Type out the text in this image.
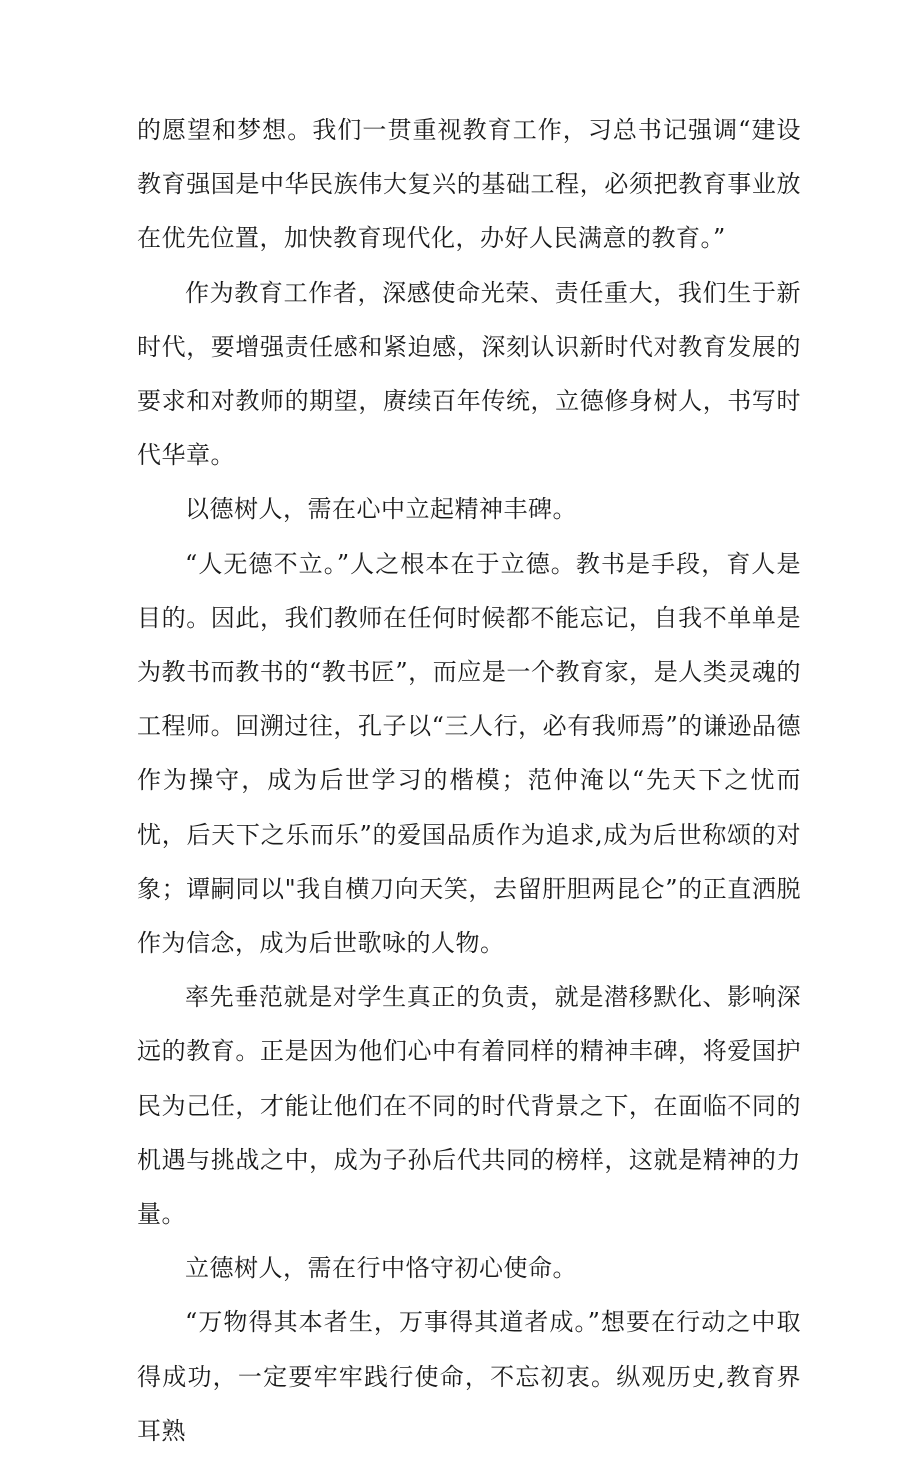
的愿望和梦想。我们一贯重视教育工作，习总书记强调“建设教育强国是中华民族伟大复兴的基础工程，必须把教育事业放在优先位置，加快教育现代化，办好人民满意的教育。”

作为教育工作者，深感使命光荣、责任重大，我们生于新时代，要增强责任感和紧迫感，深刻认识新时代对教育发展的要求和对教师的期望，赓续百年传统，立德修身树人，书写时代华章。

以德树人，需在心中立起精神丰碑。

“人无德不立。”人之根本在于立德。教书是手段，育人是目的。因此，我们教师在任何时候都不能忘记，自我不单单是为教书而教书的“教书匠”，而应是一个教育家，是人类灵魂的工程师。回溯过往，孔子以“三人行，必有我师焉”的谦逊品德作为操守，成为后世学习的楷模；范仲淹以“先天下之忧而忧，后天下之乐而乐”的爱国品质作为追求,成为后世称颂的对象；谭嗣同以"我自横刀向天笑，去留肝胆两昆仑”的正直洒脱作为信念，成为后世歌咏的人物。

率先垂范就是对学生真正的负责，就是潜移默化、影响深远的教育。正是因为他们心中有着同样的精神丰碑，将爱国护民为己任，才能让他们在不同的时代背景之下，在面临不同的机遇与挑战之中，成为子孙后代共同的榜样，这就是精神的力量。

立德树人，需在行中恪守初心使命。

“万物得其本者生，万事得其道者成。”想要在行动之中取得成功，一定要牢牢践行使命，不忘初衷。纵观历史,教育界耳熟
